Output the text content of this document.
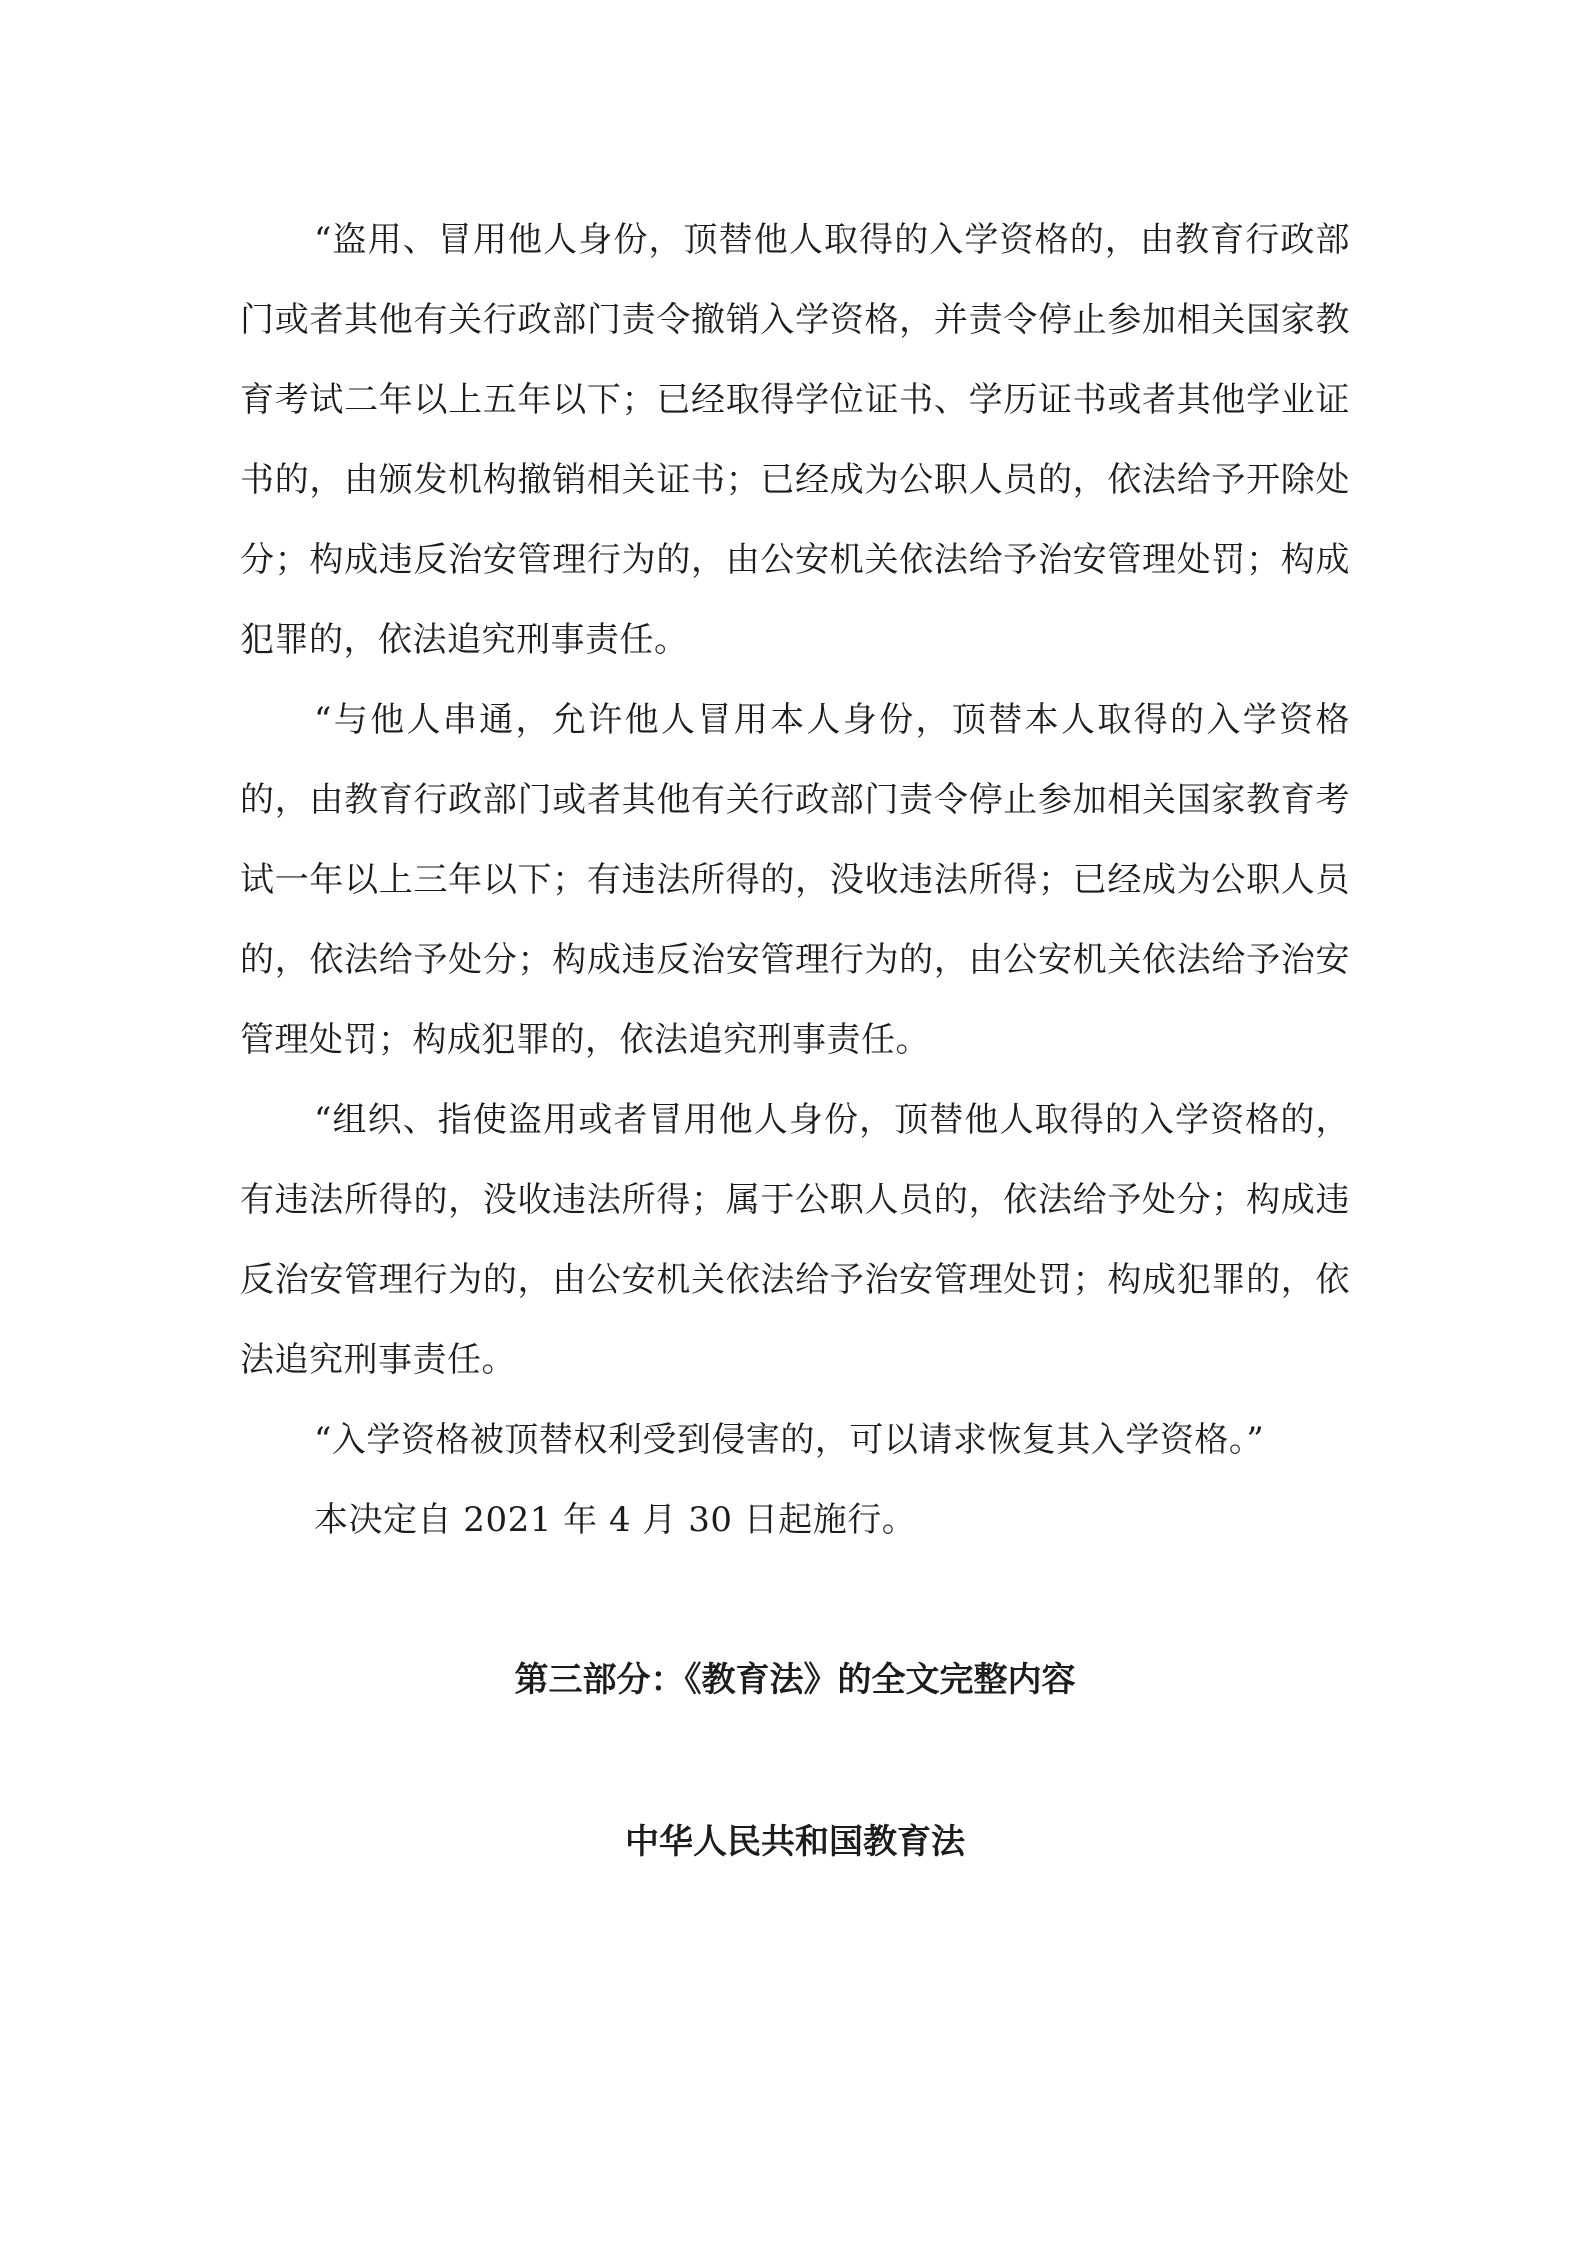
“盗用、冒用他人身份，顶替他人取得的入学资格的，由教育行政部门或者其他有关行政部门责令撤销入学资格，并责令停止参加相关国家教育考试二年以上五年以下；已经取得学位证书、学历证书或者其他学业证书的，由颁发机构撤销相关证书；已经成为公职人员的，依法给予开除处分；构成违反治安管理行为的，由公安机关依法给予治安管理处罚；构成犯罪的，依法追究刑事责任。

“与他人串通，允许他人冒用本人身份，顶替本人取得的入学资格的，由教育行政部门或者其他有关行政部门责令停止参加相关国家教育考试一年以上三年以下；有违法所得的，没收违法所得；已经成为公职人员的，依法给予处分；构成违反治安管理行为的，由公安机关依法给予治安管理处罚；构成犯罪的，依法追究刑事责任。

“组织、指使盗用或者冒用他人身份，顶替他人取得的入学资格的，有违法所得的，没收违法所得；属于公职人员的，依法给予处分；构成违反治安管理行为的，由公安机关依法给予治安管理处罚；构成犯罪的，依法追究刑事责任。

“入学资格被顶替权利受到侵害的，可以请求恢复其入学资格。”

本决定自 2021 年 4 月 30 日起施行。

第三部分：《教育法》的全文完整内容
中华人民共和国教育法
